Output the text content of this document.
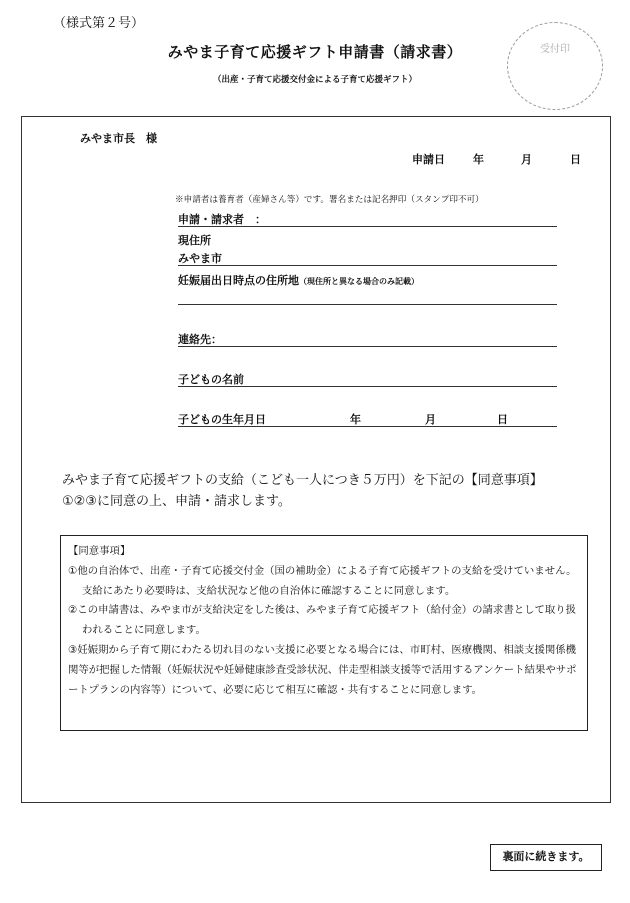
（様式第２号）
みやま子育て応援ギフト申請書（請求書）
（出産・子育て応援交付金による子育て応援ギフト）
受付印
みやま市長　様
申請日	年	月	日
※申請者は養育者（産婦さん等）です。署名または記名押印（スタンプ印不可）
申請・請求者　：
現住所
みやま市
妊娠届出日時点の住所地（現住所と異なる場合のみ記載）
連絡先：
子どもの名前
子どもの生年月日	年	月	日
みやま子育て応援ギフトの支給（こども一人につき５万円）を下記の【同意事項】①②③に同意の上、申請・請求します。

【同意事項】

①他の自治体で、出産・子育て応援交付金（国の補助金）による子育て応援ギフトの支給を受けていません。支給にあたり必要時は、支給状況など他の自治体に確認することに同意します。

②この申請書は、みやま市が支給決定をした後は、みやま子育て応援ギフト（給付金）の請求書として取り扱われることに同意します。

③妊娠期から子育て期にわたる切れ目のない支援に必要となる場合には、市町村、医療機関、相談支援関係機関等が把握した情報（妊娠状況や妊婦健康診査受診状況、伴走型相談支援等で活用するアンケート結果やサポートプランの内容等）について、必要に応じて相互に確認・共有することに同意します。

裏面に続きます。
